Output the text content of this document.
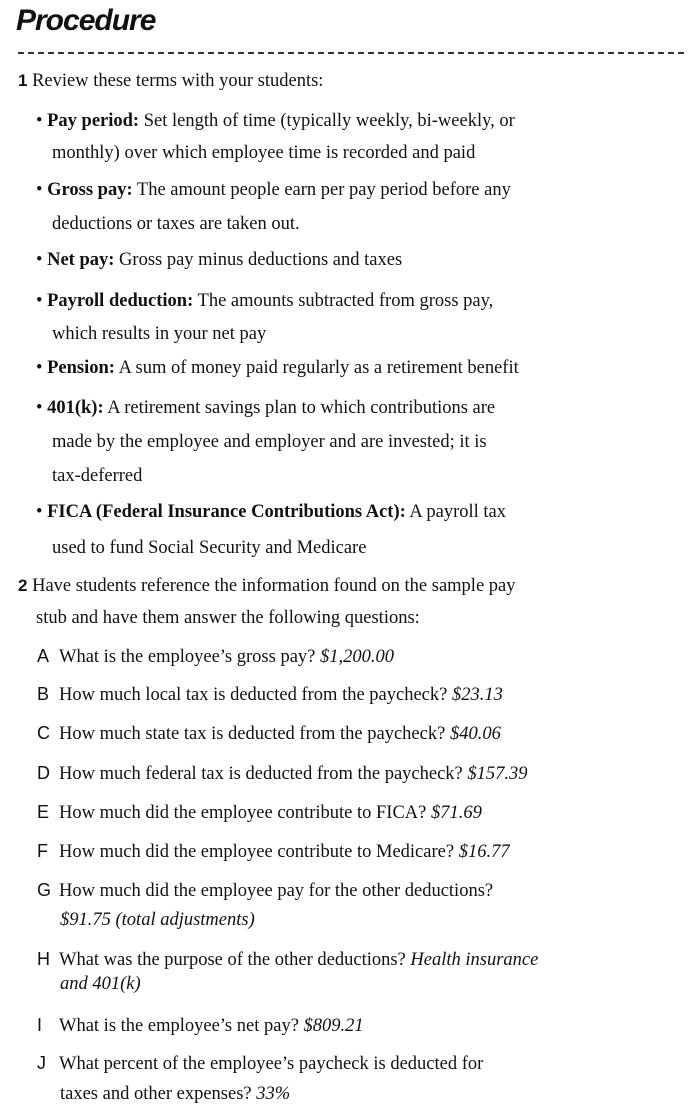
Procedure
1 Review these terms with your students:
• Pay period: Set length of time (typically weekly, bi-weekly, or
monthly) over which employee time is recorded and paid
• Gross pay: The amount people earn per pay period before any
deductions or taxes are taken out.
• Net pay: Gross pay minus deductions and taxes
• Payroll deduction: The amounts subtracted from gross pay,
which results in your net pay
• Pension: A sum of money paid regularly as a retirement benefit
• 401(k): A retirement savings plan to which contributions are
made by the employee and employer and are invested; it is
tax-deferred
• FICA (Federal Insurance Contributions Act): A payroll tax
used to fund Social Security and Medicare
2 Have students reference the information found on the sample pay
stub and have them answer the following questions:
A What is the employee’s gross pay? $1,200.00
B How much local tax is deducted from the paycheck? $23.13
C How much state tax is deducted from the paycheck? $40.06
D How much federal tax is deducted from the paycheck? $157.39
E How much did the employee contribute to FICA? $71.69
F How much did the employee contribute to Medicare? $16.77
G How much did the employee pay for the other deductions?
$91.75 (total adjustments)
H What was the purpose of the other deductions? Health insurance
and 401(k)
I What is the employee’s net pay? $809.21
J What percent of the employee’s paycheck is deducted for
taxes and other expenses? 33%
